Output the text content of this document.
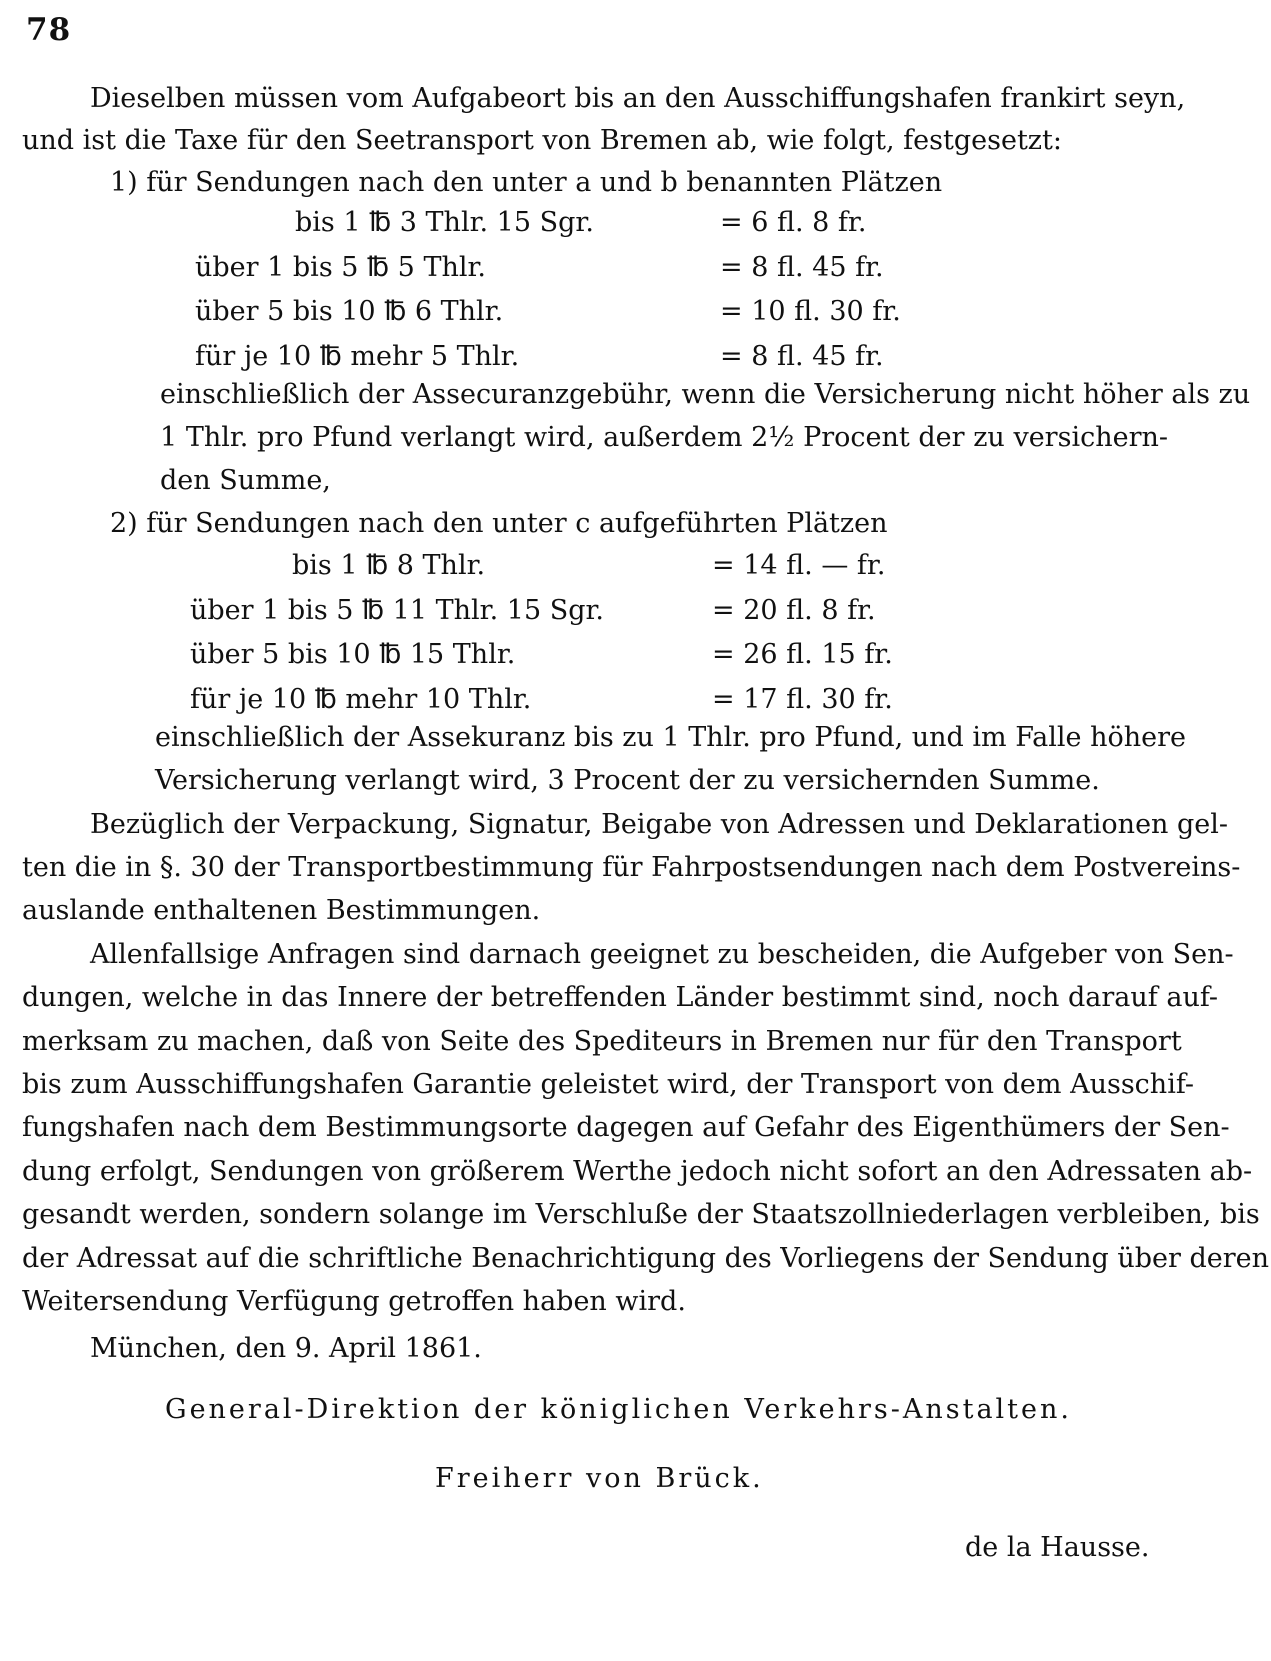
78
Dieselben müssen vom Aufgabeort bis an den Ausschiffungshafen frankirt seyn,
und ist die Taxe für den Seetransport von Bremen ab, wie folgt, festgesetzt:
1) für Sendungen nach den unter a und b benannten Plätzen
bis 1 ℔ 3 Thlr. 15 Sgr.	= 6 fl. 8 fr.
über 1 bis 5 ℔ 5 Thlr.	= 8 fl. 45 fr.
über 5 bis 10 ℔ 6 Thlr.	= 10 fl. 30 fr.
für je 10 ℔ mehr 5 Thlr.	= 8 fl. 45 fr.
einschließlich der Assecuranzgebühr, wenn die Versicherung nicht höher als zu
1 Thlr. pro Pfund verlangt wird, außerdem 2½ Procent der zu versichern-
den Summe,
2) für Sendungen nach den unter c aufgeführten Plätzen
bis 1 ℔ 8 Thlr.	= 14 fl. — fr.
über 1 bis 5 ℔ 11 Thlr. 15 Sgr.	= 20 fl. 8 fr.
über 5 bis 10 ℔ 15 Thlr.	= 26 fl. 15 fr.
für je 10 ℔ mehr 10 Thlr.	= 17 fl. 30 fr.
einschließlich der Assekuranz bis zu 1 Thlr. pro Pfund, und im Falle höhere
Versicherung verlangt wird, 3 Procent der zu versichernden Summe.
Bezüglich der Verpackung, Signatur, Beigabe von Adressen und Deklarationen gel-
ten die in §. 30 der Transportbestimmung für Fahrpostsendungen nach dem Postvereins-
auslande enthaltenen Bestimmungen.
Allenfallsige Anfragen sind darnach geeignet zu bescheiden, die Aufgeber von Sen-
dungen, welche in das Innere der betreffenden Länder bestimmt sind, noch darauf auf-
merksam zu machen, daß von Seite des Spediteurs in Bremen nur für den Transport
bis zum Ausschiffungshafen Garantie geleistet wird, der Transport von dem Ausschif-
fungshafen nach dem Bestimmungsorte dagegen auf Gefahr des Eigenthümers der Sen-
dung erfolgt, Sendungen von größerem Werthe jedoch nicht sofort an den Adressaten ab-
gesandt werden, sondern solange im Verschluße der Staatszollniederlagen verbleiben, bis
der Adressat auf die schriftliche Benachrichtigung des Vorliegens der Sendung über deren
Weitersendung Verfügung getroffen haben wird.
München, den 9. April 1861.
General-Direktion der königlichen Verkehrs-Anstalten.
Freiherr von Brück.
de la Hausse.
